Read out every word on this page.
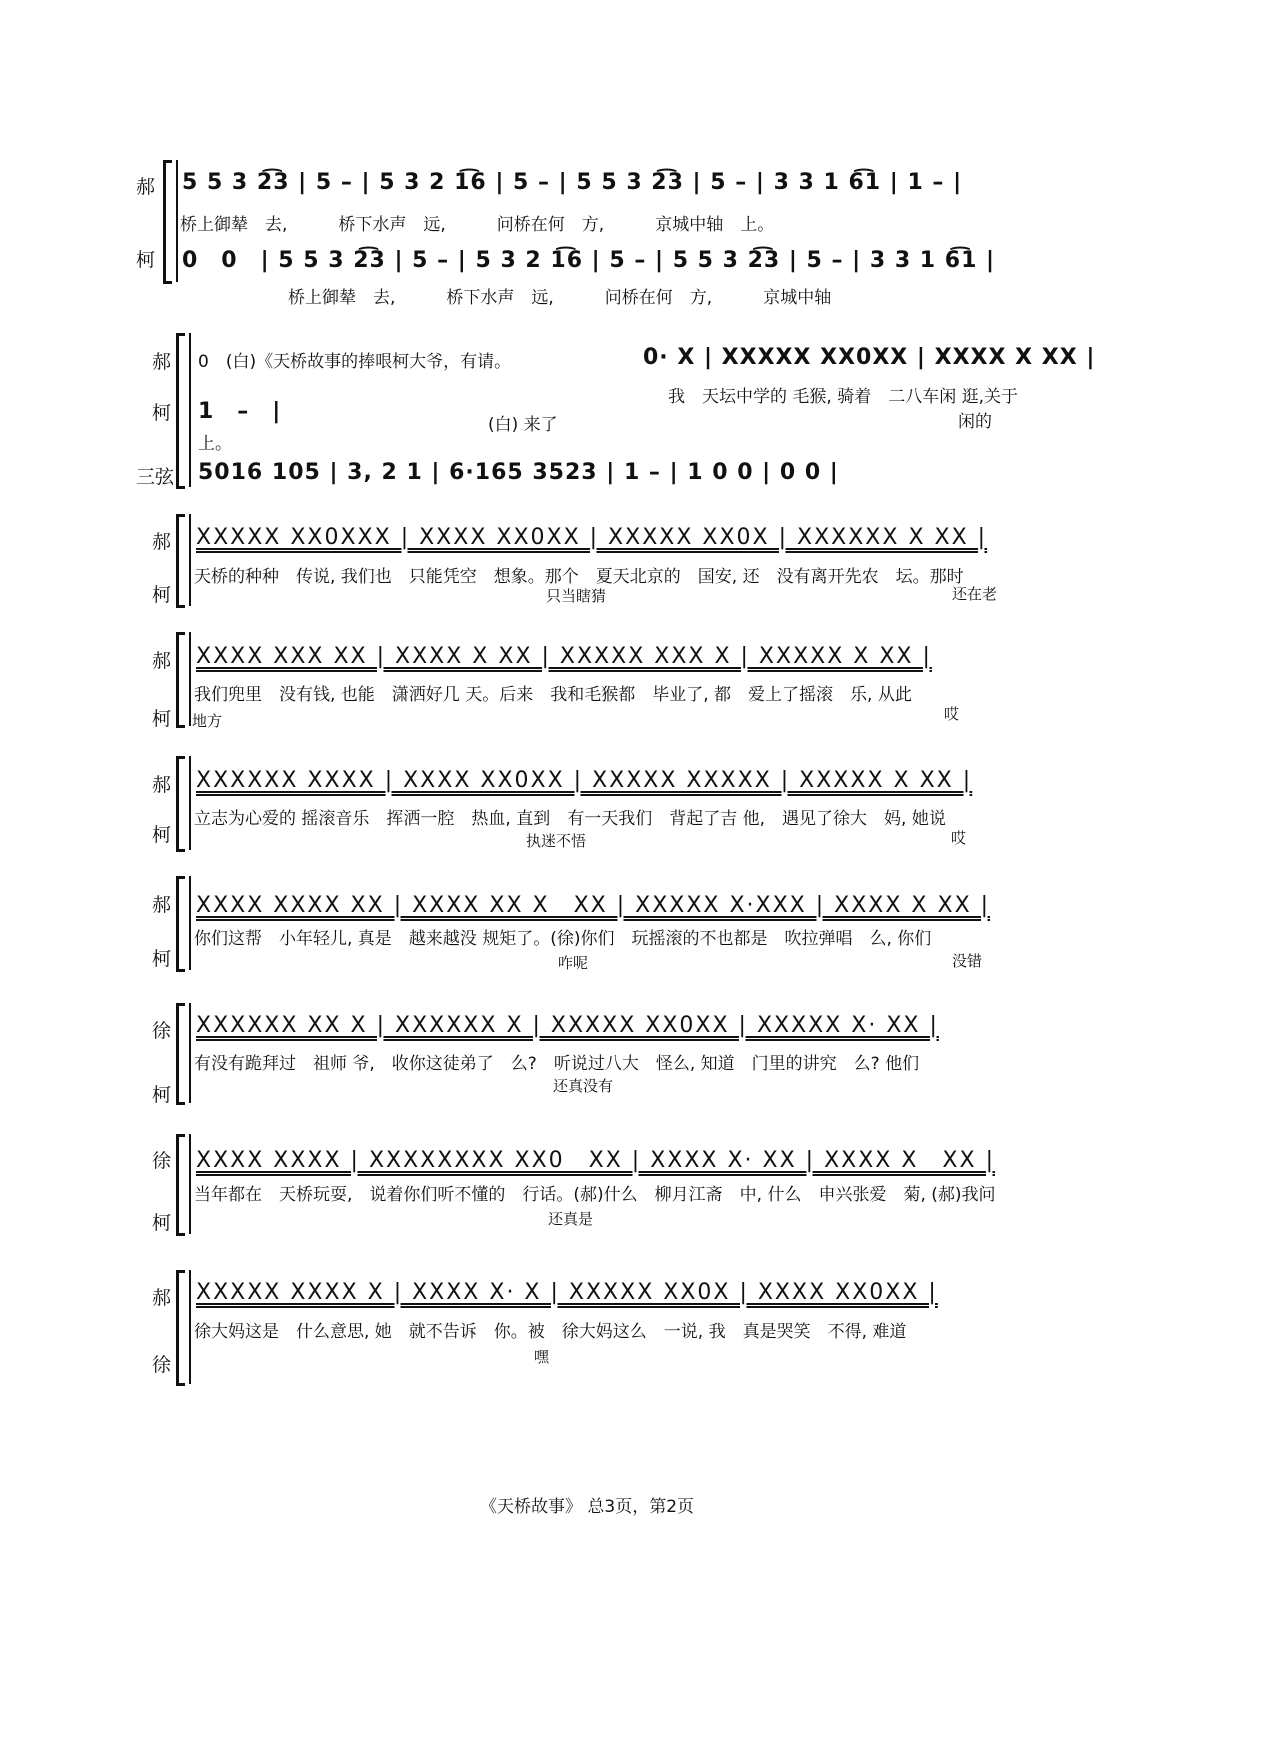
郝
柯
5 5 3 2͡3 | 5 – | 5 3 2 1͡6 | 5 – | 5 5 3 2͡3 | 5 – | 3 3 1 6͡1 | 1 – |
桥上御辇　去,　　　桥下水声　远,　　　问桥在何　方,　　　京城中轴　上。
0　0　| 5 5 3 2͡3 | 5 – | 5 3 2 1͡6 | 5 – | 5 5 3 2͡3 | 5 – | 3 3 1 6͡1 |
桥上御辇　去,　　　桥下水声　远,　　　问桥在何　方,　　　京城中轴
郝
柯
三弦
0　(白)《天桥故事的捧哏柯大爷，有请。	0· X | XXXXX XX0XX | XXXX X XX |
我　天坛中学的 毛猴, 骑着　二八车闲 逛,关于
1　–　|
(白) 来了	闲的
上。
5016 105 | 3, 2 1 | 6·165 3523 | 1 – | 1 0 0 | 0 0 |
郝
柯
XXXXX XX0XXX | XXXX XX0XX | XXXXX XX0X | XXXXXX X XX |
天桥的种种　传说, 我们也　只能凭空　想象。那个　夏天北京的　国安, 还　没有离开先农　坛。那时
只当瞎猜	还在老
郝
柯
XXXX XXX XX | XXXX X XX | XXXXX XXX X | XXXXX X XX |
我们兜里　没有钱, 也能　潇洒好几 天。后来　我和毛猴都　毕业了, 都　爱上了摇滚　乐, 从此
地方	哎
郝
柯
XXXXXX XXXX | XXXX XX0XX | XXXXX XXXXX | XXXXX X XX |
立志为心爱的 摇滚音乐　挥洒一腔　热血, 直到　有一天我们　背起了吉 他,　遇见了徐大　妈, 她说
执迷不悟	哎
郝
柯
XXXX XXXX XX | XXXX XX X　XX | XXXXX X·XXX | XXXX X XX |
你们这帮　小年轻儿, 真是　越来越没 规矩了。(徐)你们　玩摇滚的不也都是　吹拉弹唱　么, 你们
咋呢	没错
徐
柯
XXXXXX XX X | XXXXXX X | XXXXX XX0XX | XXXXX X· XX |
有没有跪拜过　祖师 爷,　收你这徒弟了　么?　听说过八大　怪么, 知道　门里的讲究　么? 他们
还真没有
徐
柯
XXXX XXXX | XXXXXXXX XX0　XX | XXXX X· XX | XXXX X　XX |
当年都在　天桥玩耍,　说着你们听不懂的　行话。(郝)什么　柳月江斋　中, 什么　申兴张爱　菊, (郝)我问
还真是
郝
徐
XXXXX XXXX X | XXXX X· X | XXXXX XX0X | XXXX XX0XX |
徐大妈这是　什么意思, 她　就不告诉　你。被　徐大妈这么　一说, 我　真是哭笑　不得, 难道
嘿
《天桥故事》 总3页，第2页
